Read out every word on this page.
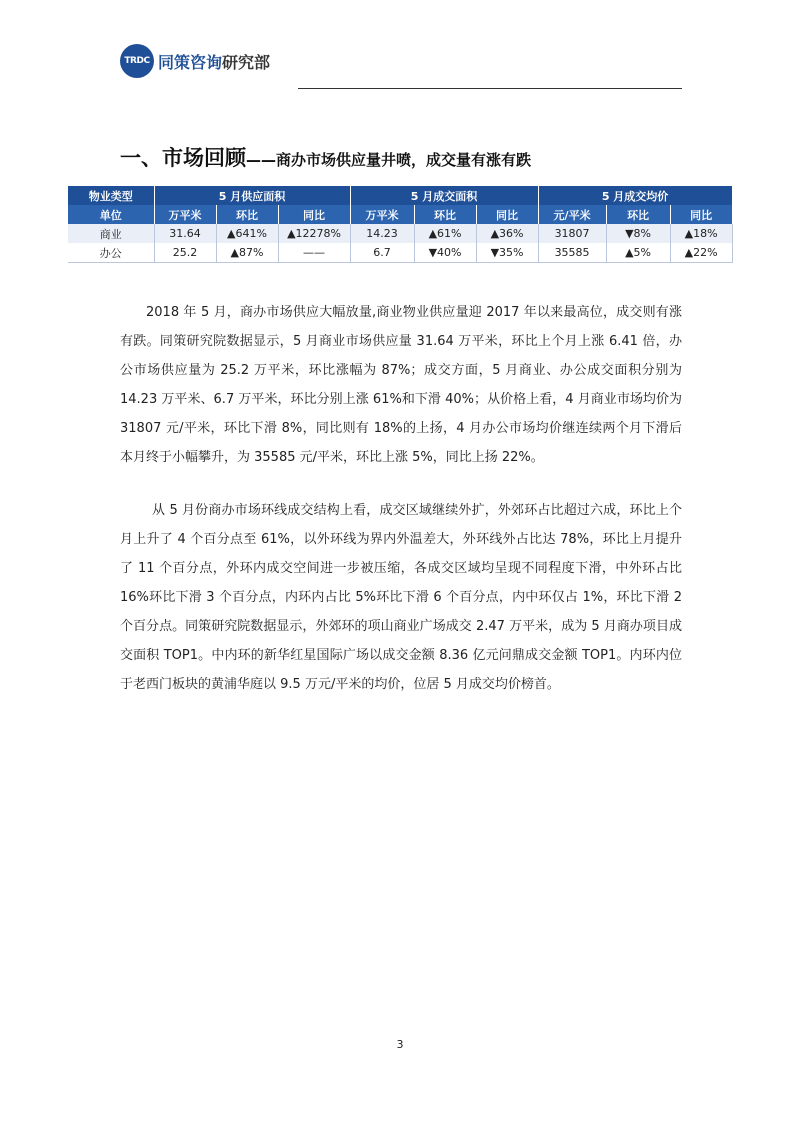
TRDC 同策咨询研究部
一、市场回顾——商办市场供应量井喷，成交量有涨有跌
物业类型	5 月供应面积			5 月成交面积			5 月成交均价		
单位	万平米	环比	同比	万平米	环比	同比	元/平米	环比	同比
商业	31.64	▲641%	▲12278%	14.23	▲61%	▲36%	31807	▼8%	▲18%
办公	25.2	▲87%	——	6.7	▼40%	▼35%	35585	▲5%	▲22%

2018 年 5 月，商办市场供应大幅放量,商业物业供应量迎 2017 年以来最高位，成交则有涨有跌。同策研究院数据显示，5 月商业市场供应量 31.64 万平米，环比上个月上涨 6.41 倍，办公市场供应量为 25.2 万平米，环比涨幅为 87%；成交方面，5 月商业、办公成交面积分别为 14.23 万平米、6.7 万平米，环比分别上涨 61%和下滑 40%；从价格上看，4 月商业市场均价为 31807 元/平米，环比下滑 8%，同比则有 18%的上扬，4 月办公市场均价继连续两个月下滑后本月终于小幅攀升，为 35585 元/平米，环比上涨 5%，同比上扬 22%。

从 5 月份商办市场环线成交结构上看，成交区域继续外扩，外郊环占比超过六成，环比上个月上升了 4 个百分点至 61%，以外环线为界内外温差大，外环线外占比达 78%，环比上月提升了 11 个百分点，外环内成交空间进一步被压缩，各成交区域均呈现不同程度下滑，中外环占比 16%环比下滑 3 个百分点，内环内占比 5%环比下滑 6 个百分点，内中环仅占 1%，环比下滑 2 个百分点。同策研究院数据显示，外郊环的项山商业广场成交 2.47 万平米，成为 5 月商办项目成交面积 TOP1。中内环的新华红星国际广场以成交金额 8.36 亿元问鼎成交金额 TOP1。内环内位于老西门板块的黄浦华庭以 9.5 万元/平米的均价，位居 5 月成交均价榜首。

3
